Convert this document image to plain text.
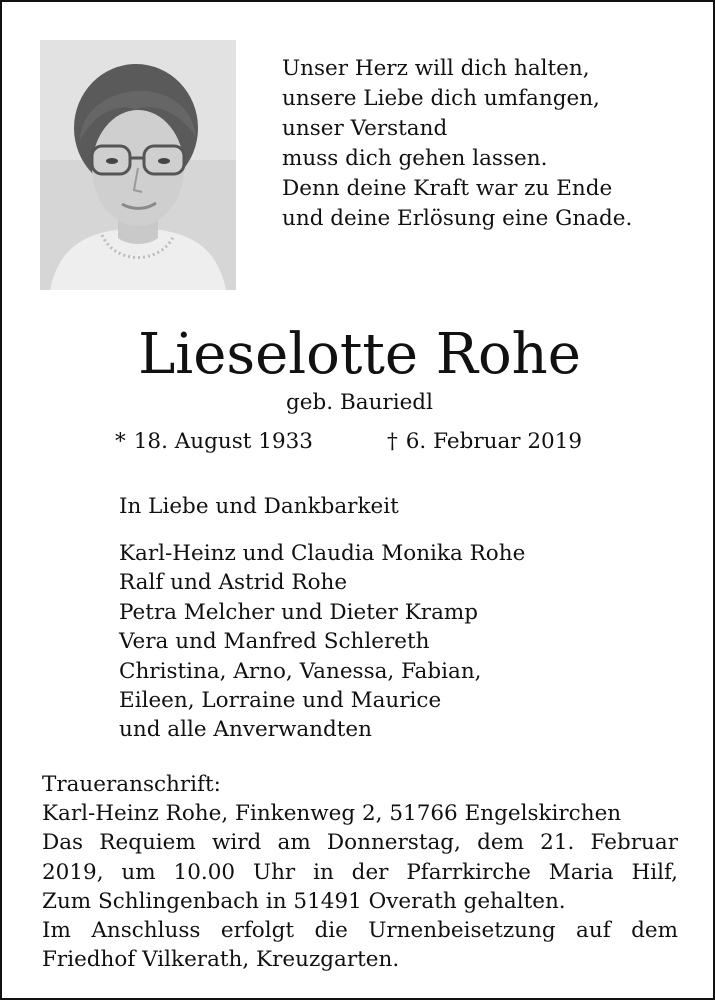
Unser Herz will dich halten,
unsere Liebe dich umfangen,
unser Verstand
muss dich gehen lassen.
Denn deine Kraft war zu Ende
und deine Erlösung eine Gnade.
Lieselotte Rohe
geb. Bauriedl
* 18. August 1933	† 6. Februar 2019
In Liebe und Dankbarkeit
Karl-Heinz und Claudia Monika Rohe
Ralf und Astrid Rohe
Petra Melcher und Dieter Kramp
Vera und Manfred Schlereth
Christina, Arno, Vanessa, Fabian,
Eileen, Lorraine und Maurice
und alle Anverwandten
Traueranschrift:
Karl-Heinz Rohe, Finkenweg 2, 51766 Engelskirchen
Das Requiem wird am Donnerstag, dem 21. Februar
2019, um 10.00 Uhr in der Pfarrkirche Maria Hilf,
Zum Schlingenbach in 51491 Overath gehalten.
Im Anschluss erfolgt die Urnenbeisetzung auf dem
Friedhof Vilkerath, Kreuzgarten.
